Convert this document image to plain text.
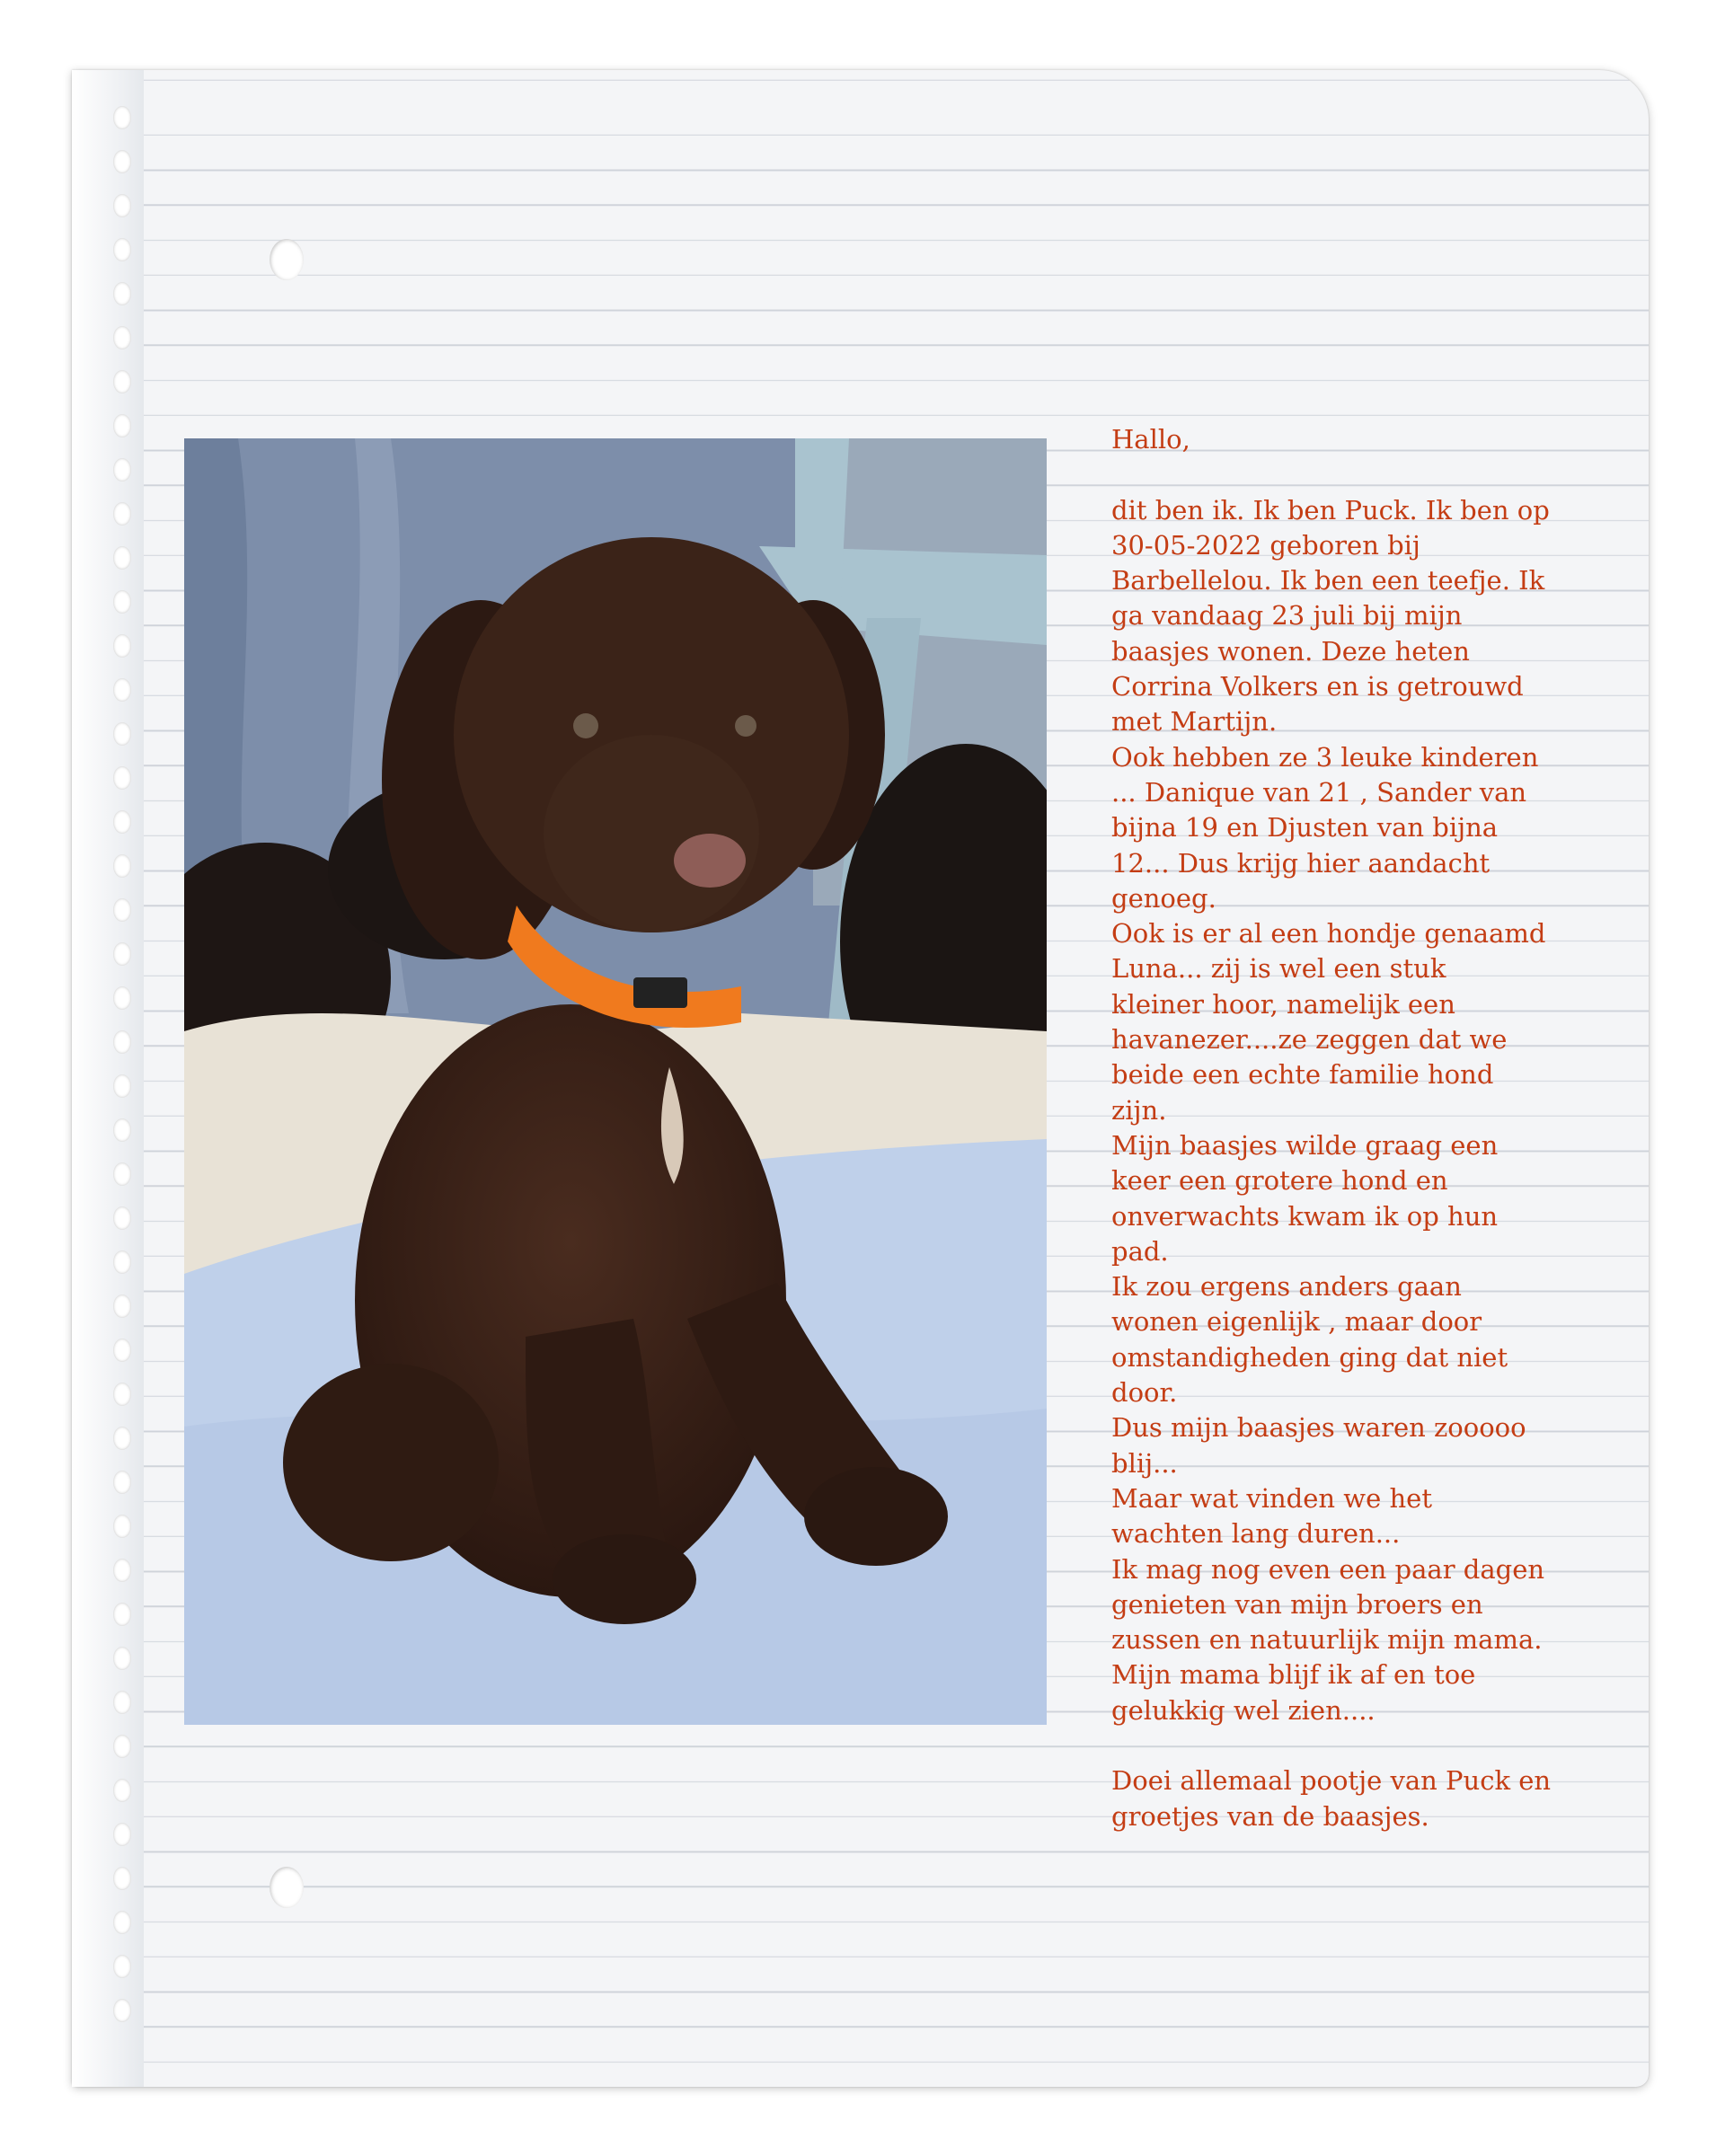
Hallo,
dit ben ik. Ik ben Puck. Ik ben op
30-05-2022 geboren bij
Barbellelou. Ik ben een teefje. Ik
ga vandaag 23 juli bij mijn
baasjes wonen. Deze heten
Corrina Volkers en is getrouwd
met Martijn.
Ook hebben ze 3 leuke kinderen
... Danique van 21 , Sander van
bijna 19 en Djusten van bijna
12... Dus krijg hier aandacht
genoeg.
Ook is er al een hondje genaamd
Luna... zij is wel een stuk
kleiner hoor, namelijk een
havanezer....ze zeggen dat we
beide een echte familie hond
zijn.
Mijn baasjes wilde graag een
keer een grotere hond en
onverwachts kwam ik op hun
pad.
Ik zou ergens anders gaan
wonen eigenlijk , maar door
omstandigheden ging dat niet
door.
Dus mijn baasjes waren zooooo
blij...
Maar wat vinden we het
wachten lang duren...
Ik mag nog even een paar dagen
genieten van mijn broers en
zussen en natuurlijk mijn mama.
Mijn mama blijf ik af en toe
gelukkig wel zien....
Doei allemaal pootje van Puck en
groetjes van de baasjes.
